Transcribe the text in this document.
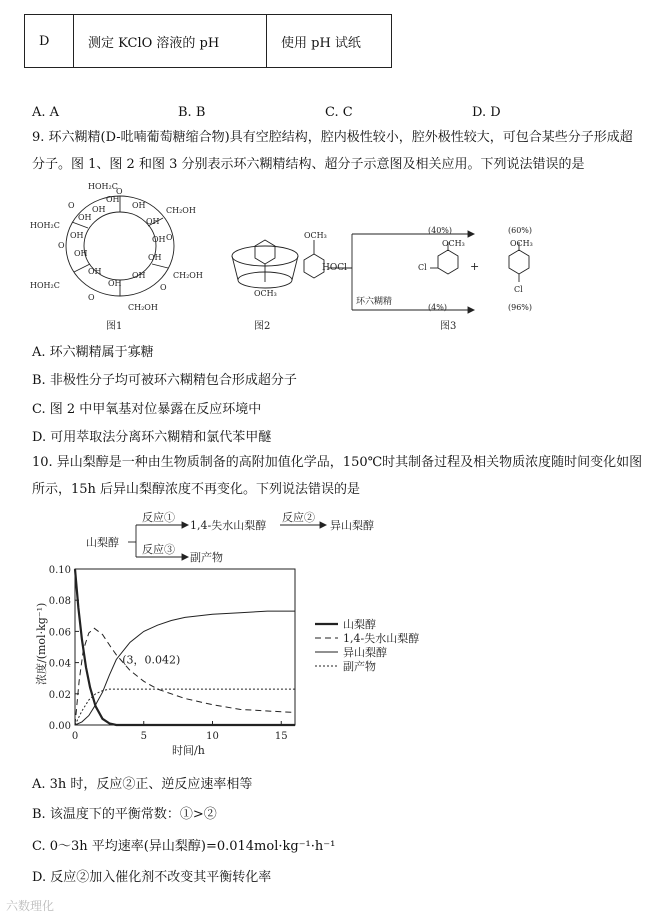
D	测定 KClO 溶液的 pH	使用 pH 试纸
A. A	B. B	C. C	D. D
9. 环六糊精(D-吡喃葡萄糖缩合物)具有空腔结构，腔内极性较小，腔外极性较大，可包合某些分子形成超
分子。图 1、图 2 和图 3 分别表示环六糊精结构、超分子示意图及相关应用。下列说法错误的是
HOH₂C
HOH₂C
HOH₂C
CH₂OH
CH₂OH
CH₂OH
OH	OH
OH
OH
OH
OH
OH
OH
OH
OH
OH
OH
O
O
O
O
O
O
图1
OCH₃
图2
OCH₃
HOCl
环六糊精
(40%)	(60%)
(4%)	(96%)
OCH₃
Cl
OCH₃
Cl
+
图3
A. 环六糊精属于寡糖
B. 非极性分子均可被环六糊精包合形成超分子
C. 图 2 中甲氧基对位暴露在反应环境中
D. 可用萃取法分离环六糊精和氯代苯甲醚
10. 异山梨醇是一种由生物质制备的高附加值化学品，150℃时其制备过程及相关物质浓度随时间变化如图
所示，15h 后异山梨醇浓度不再变化。下列说法错误的是
山梨醇
反应①
1,4-失水山梨醇
反应②
异山梨醇
反应③
副产物
0.00
0.02
0.04
0.06
0.08
0.10
0	5	10	15
浓度/(mol·kg⁻¹)
时间/h
(3，0.042)
山梨醇
1,4-失水山梨醇
异山梨醇
副产物
A. 3h 时，反应②正、逆反应速率相等
B. 该温度下的平衡常数：①>②
C. 0～3h 平均速率(异山梨醇)=0.014mol·kg⁻¹·h⁻¹
D. 反应②加入催化剂不改变其平衡转化率
六数理化
